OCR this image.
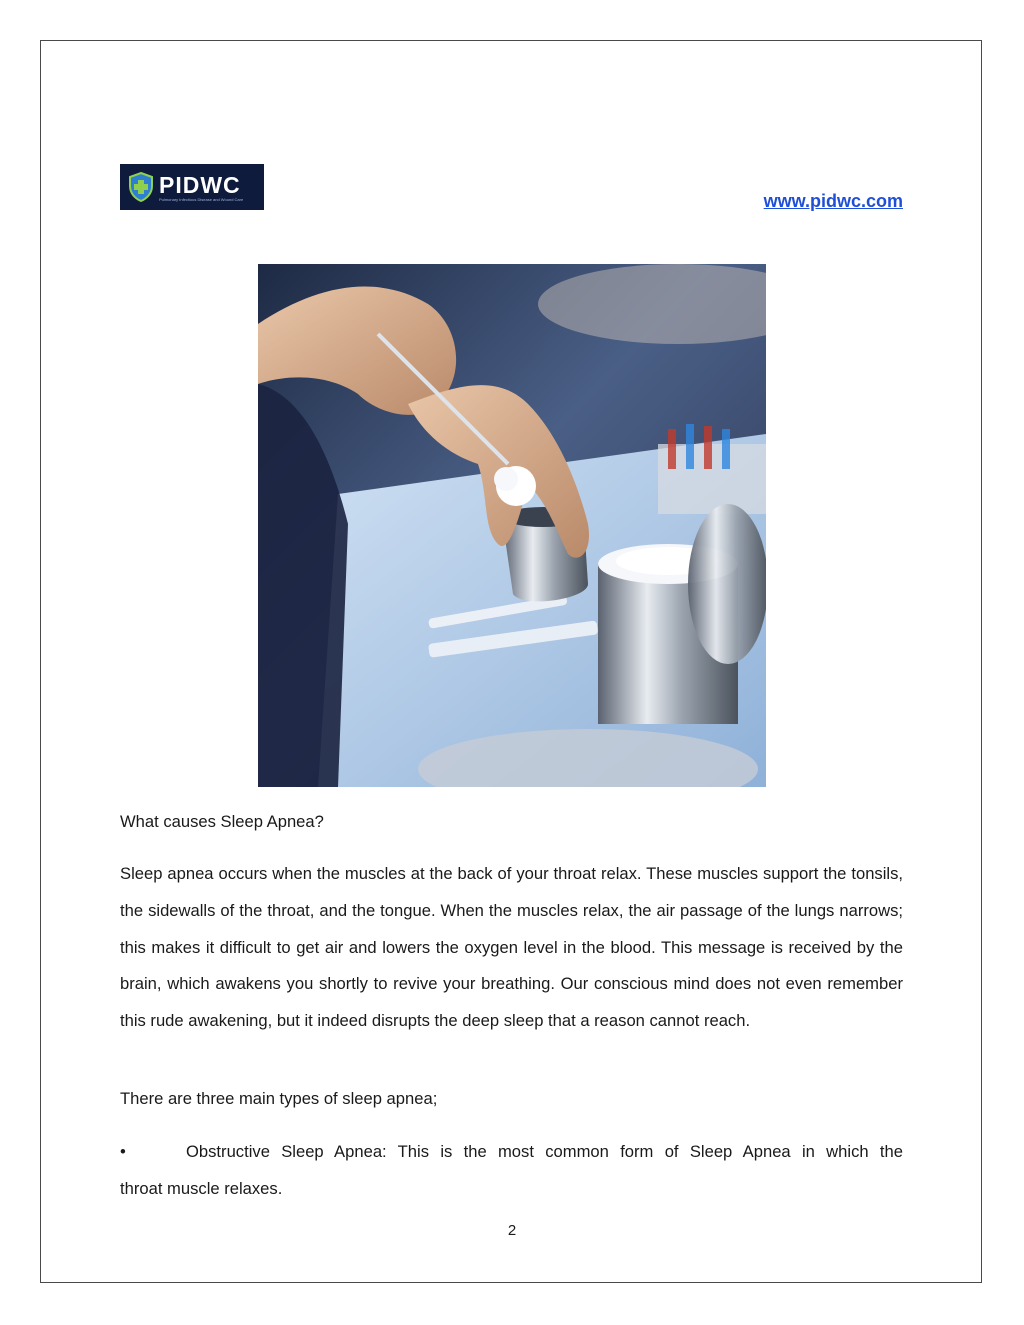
PIDWC
Pulmonary Infectious Disease and Wound Care	www.pidwc.com
What causes Sleep Apnea?
Sleep apnea occurs when the muscles at the back of your throat relax. These muscles support the tonsils, the sidewalls of the throat, and the tongue. When the muscles relax, the air passage of the lungs narrows; this makes it difficult to get air and lowers the oxygen level in the blood. This message is received by the brain, which awakens you shortly to revive your breathing. Our conscious mind does not even remember this rude awakening, but it indeed disrupts the deep sleep that a reason cannot reach.
There are three main types of sleep apnea;
•	Obstructive Sleep Apnea: This is the most common form of Sleep Apnea in which the
throat muscle relaxes.
2
